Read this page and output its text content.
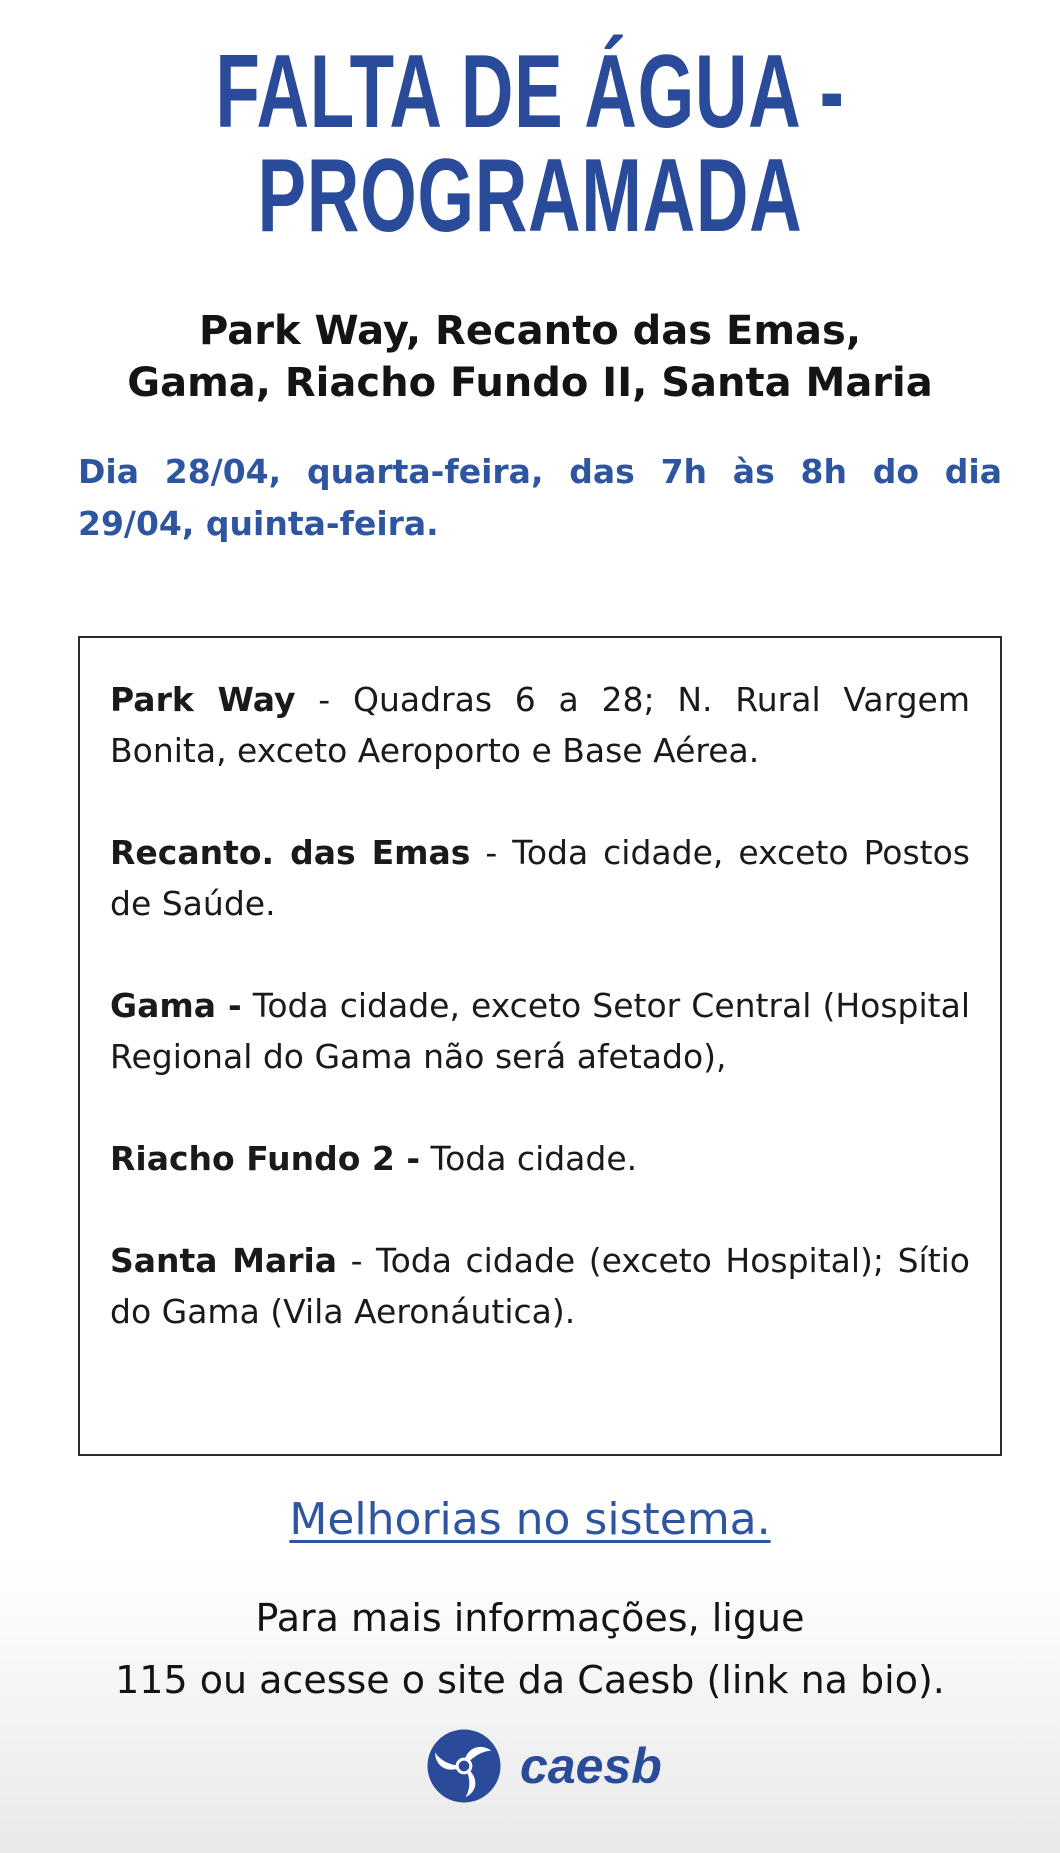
FALTA DE ÁGUA -
PROGRAMADA
Park Way, Recanto das Emas,
Gama, Riacho Fundo II, Santa Maria
Dia 28/04, quarta-feira, das 7h às 8h do dia 29/04, quinta-feira.
Park Way - Quadras 6 a 28; N. Rural Vargem Bonita, exceto Aeroporto e Base Aérea.
Recanto. das Emas - Toda cidade, exceto Postos de Saúde.
Gama - Toda cidade, exceto Setor Central (Hospital Regional do Gama não será afetado),
Riacho Fundo 2 - Toda cidade.
Santa Maria - Toda cidade (exceto Hospital); Sítio do Gama (Vila Aeronáutica).
Melhorias no sistema.
Para mais informações, ligue
115 ou acesse o site da Caesb (link na bio).
caesb
